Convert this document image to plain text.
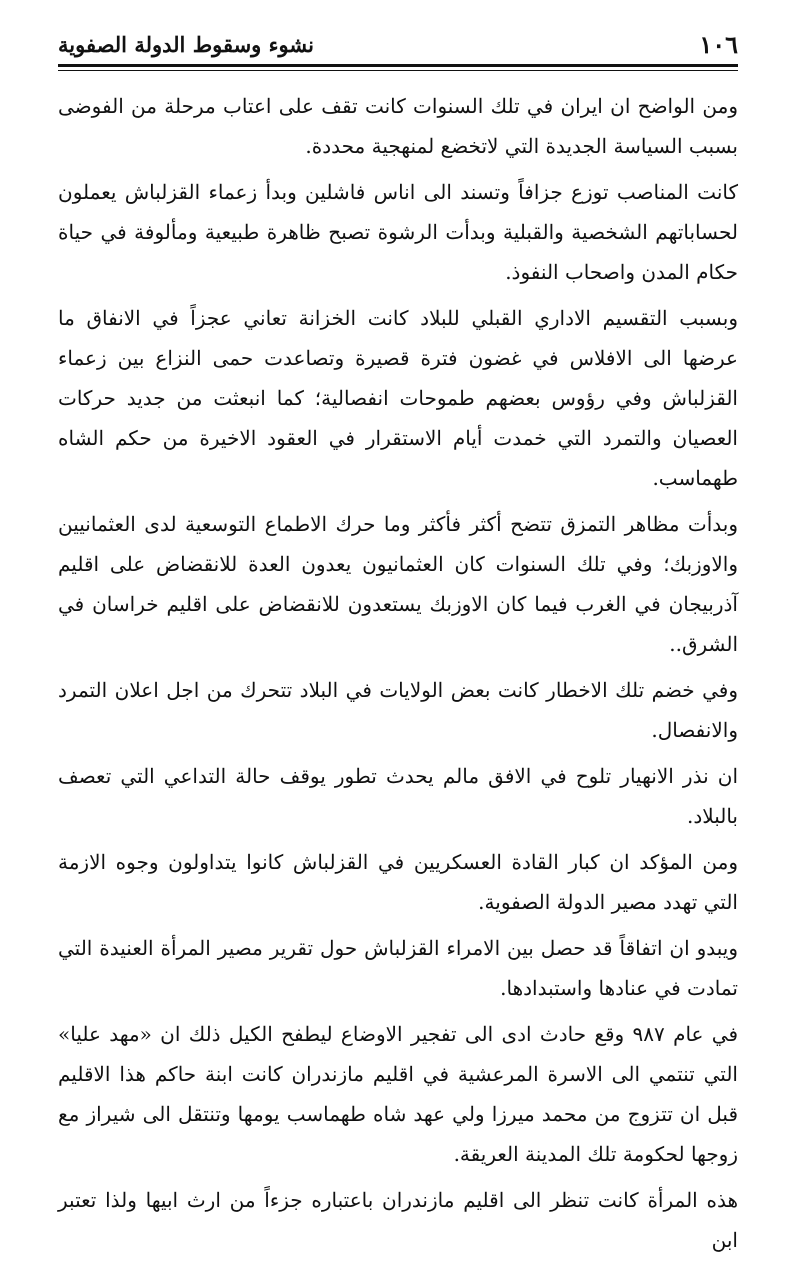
١٠٦
نشوء وسقوط الدولة الصفوية

ومن الواضح ان ايران في تلك السنوات كانت تقف على اعتاب مرحلة من الفوضى بسبب السياسة الجديدة التي لاتخضع لمنهجية محددة.

كانت المناصب توزع جزافاً وتسند الى اناس فاشلين وبدأ زعماء القزلباش يعملون لحساباتهم الشخصية والقبلية وبدأت الرشوة تصبح ظاهرة طبيعية ومألوفة في حياة حكام المدن واصحاب النفوذ.

وبسبب التقسيم الاداري القبلي للبلاد كانت الخزانة تعاني عجزاً في الانفاق ما عرضها الى الافلاس في غضون فترة قصيرة وتصاعدت حمى النزاع بين زعماء القزلباش وفي رؤوس بعضهم طموحات انفصالية؛ كما انبعثت من جديد حركات العصيان والتمرد التي خمدت أيام الاستقرار في العقود الاخيرة من حكم الشاه طهماسب.

وبدأت مظاهر التمزق تتضح أكثر فأكثر وما حرك الاطماع التوسعية لدى العثمانيين والاوزبك؛ وفي تلك السنوات كان العثمانيون يعدون العدة للانقضاض على اقليم آذربيجان في الغرب فيما كان الاوزبك يستعدون للانقضاض على اقليم خراسان في الشرق..

وفي خضم تلك الاخطار كانت بعض الولايات في البلاد تتحرك من اجل اعلان التمرد والانفصال.

ان نذر الانهيار تلوح في الافق مالم يحدث تطور يوقف حالة التداعي التي تعصف بالبلاد.

ومن المؤكد ان كبار القادة العسكريين في القزلباش كانوا يتداولون وجوه الازمة التي تهدد مصير الدولة الصفوية.

ويبدو ان اتفاقاً قد حصل بين الامراء القزلباش حول تقرير مصير المرأة العنيدة التي تمادت في عنادها واستبدادها.

في عام ٩٨٧ وقع حادث ادى الى تفجير الاوضاع ليطفح الكيل ذلك ان «مهد عليا» التي تنتمي الى الاسرة المرعشية في اقليم مازندران كانت ابنة حاكم هذا الاقليم قبل ان تتزوج من محمد ميرزا ولي عهد شاه طهماسب يومها وتنتقل الى شيراز مع زوجها لحكومة تلك المدينة العريقة.

هذه المرأة كانت تنظر الى اقليم مازندران باعتباره جزءاً من ارث ابيها ولذا تعتبر ابن
